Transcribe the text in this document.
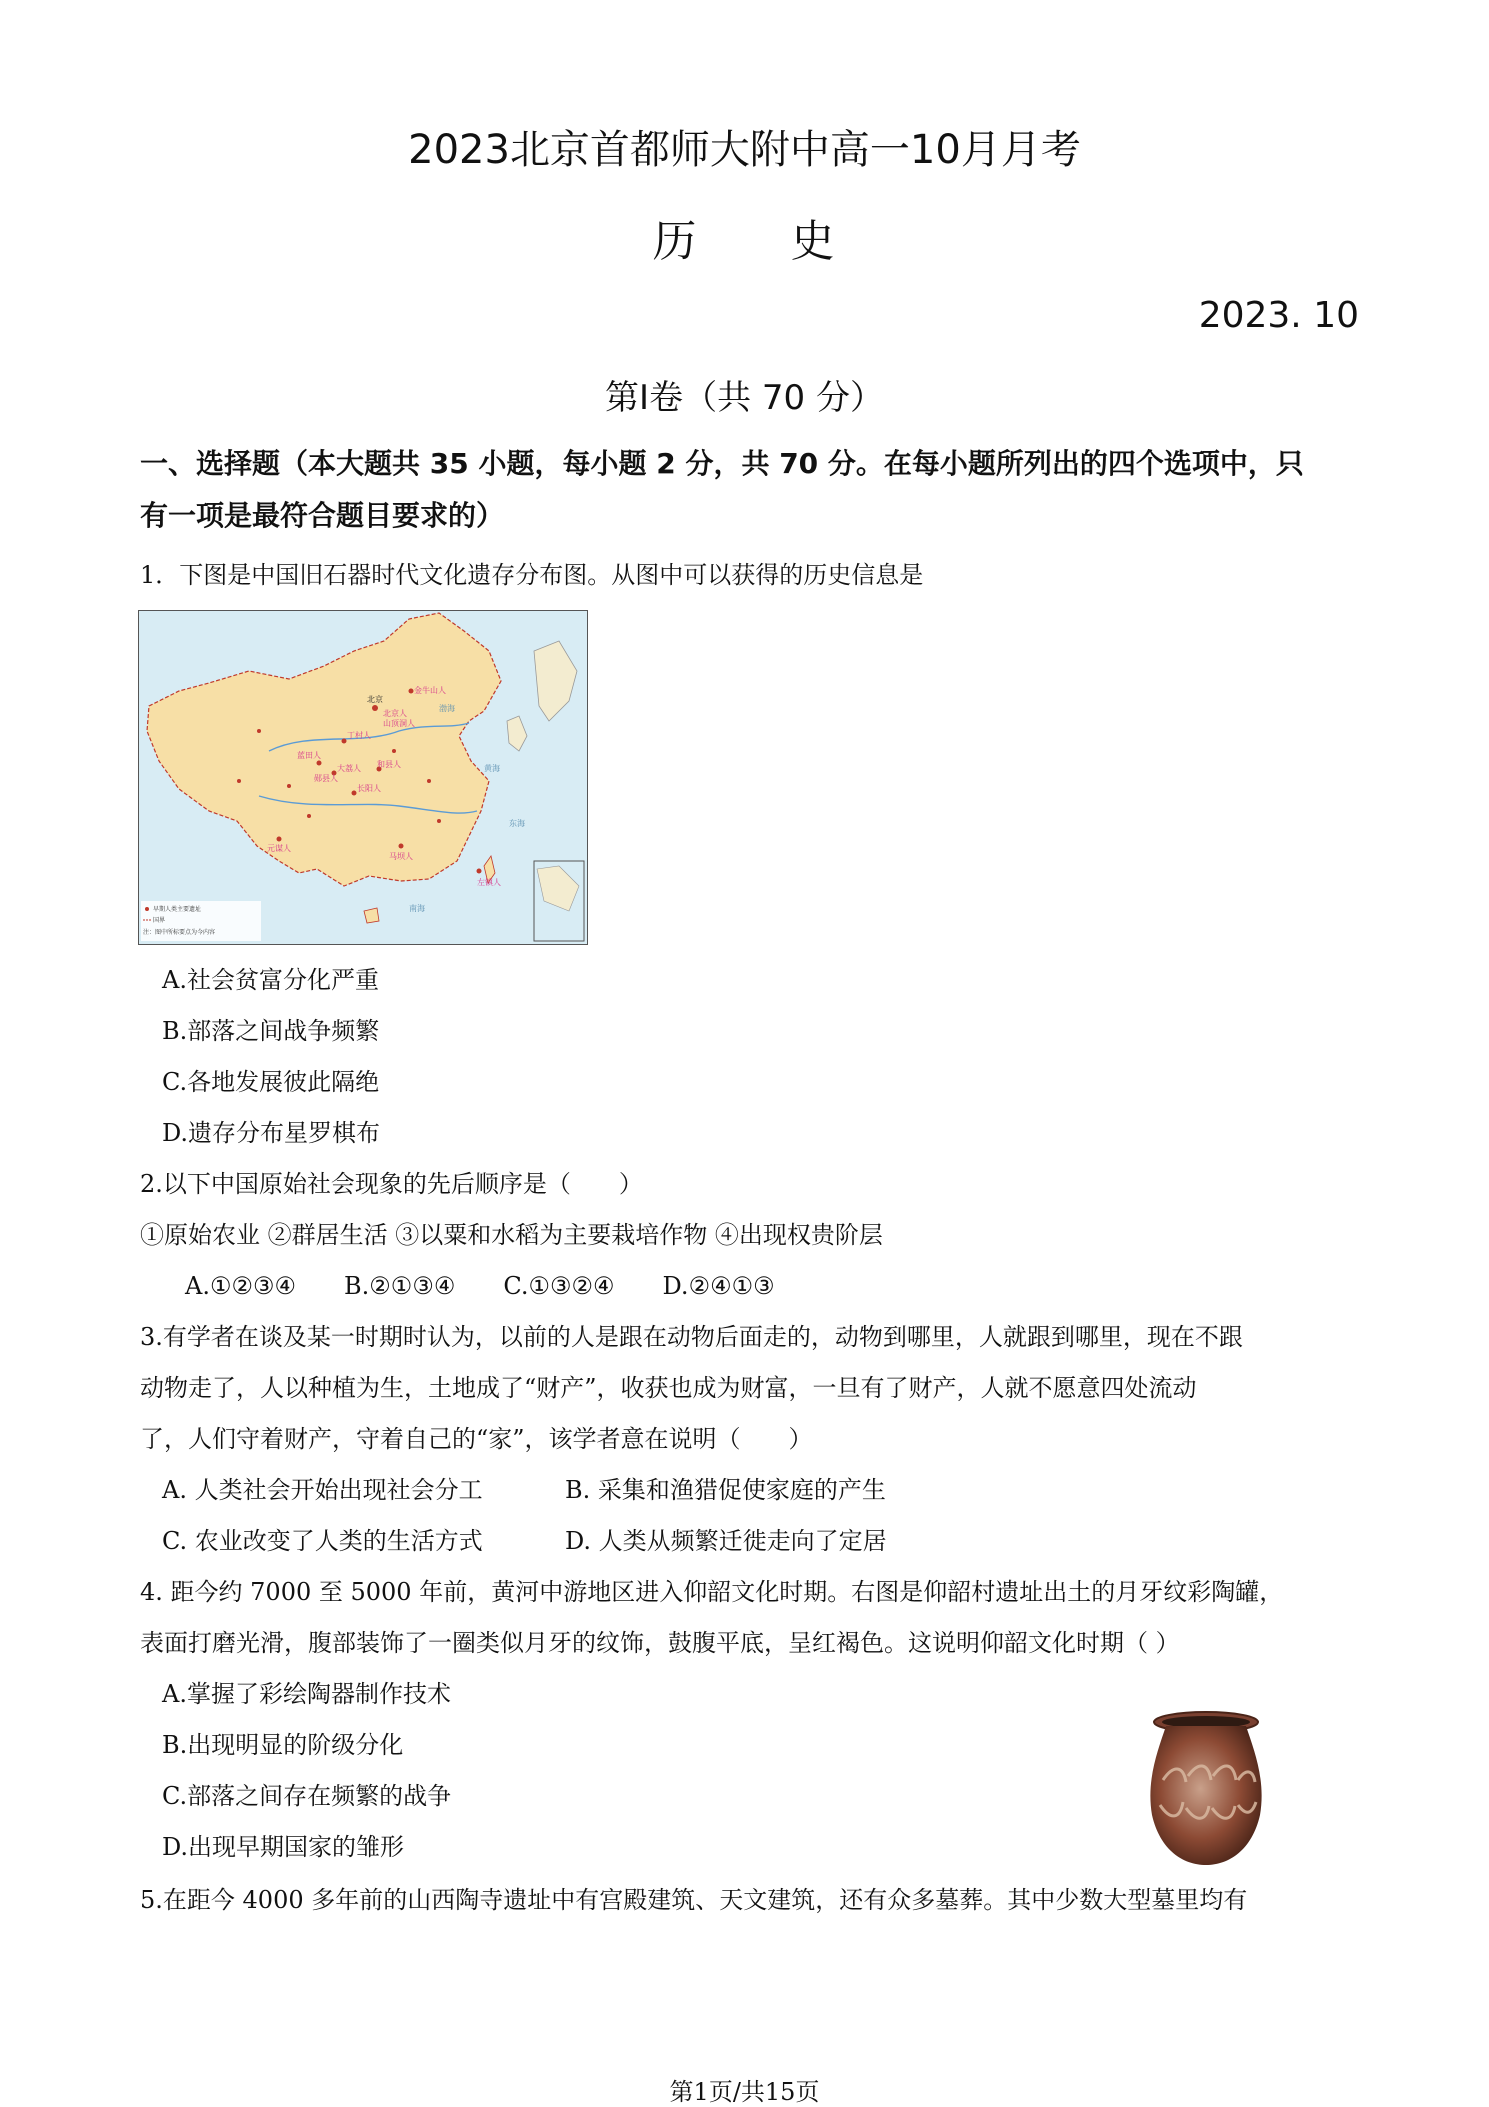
2023北京首都师大附中高一10月月考
历　　史
2023. 10
第Ⅰ卷（共 70 分）
一、选择题（本大题共 35 小题，每小题 2 分，共 70 分。在每小题所列出的四个选项中，只
有一项是最符合题目要求的）
1．下图是中国旧石器时代文化遗存分布图。从图中可以获得的历史信息是
北京
金牛山人
北京人
山顶洞人
丁村人
蓝田人
大荔人 和县人
郧县人
长阳人
元谋人
马坝人
左镇人
渤海
黄海
东海
南海
早期人类主要遗址
国界
注：图中所标要点为今内容
A.社会贫富分化严重
B.部落之间战争频繁
C.各地发展彼此隔绝
D.遗存分布星罗棋布
2.以下中国原始社会现象的先后顺序是（　　）
①原始农业 ②群居生活 ③以粟和水稻为主要栽培作物 ④出现权贵阶层
A.①②③④　　B.②①③④　　C.①③②④　　D.②④①③
3.有学者在谈及某一时期时认为，以前的人是跟在动物后面走的，动物到哪里，人就跟到哪里，现在不跟
动物走了，人以种植为生，土地成了“财产”，收获也成为财富，一旦有了财产，人就不愿意四处流动
了，人们守着财产，守着自己的“家”，该学者意在说明（　　）
A. 人类社会开始出现社会分工	B. 采集和渔猎促使家庭的产生
C. 农业改变了人类的生活方式	D. 人类从频繁迁徙走向了定居
4. 距今约 7000 至 5000 年前，黄河中游地区进入仰韶文化时期。右图是仰韶村遗址出土的月牙纹彩陶罐，
表面打磨光滑，腹部装饰了一圈类似月牙的纹饰，鼓腹平底，呈红褐色。这说明仰韶文化时期（ ）
A.掌握了彩绘陶器制作技术
B.出现明显的阶级分化
C.部落之间存在频繁的战争
D.出现早期国家的雏形
5.在距今 4000 多年前的山西陶寺遗址中有宫殿建筑、天文建筑，还有众多墓葬。其中少数大型墓里均有
第1页/共15页
